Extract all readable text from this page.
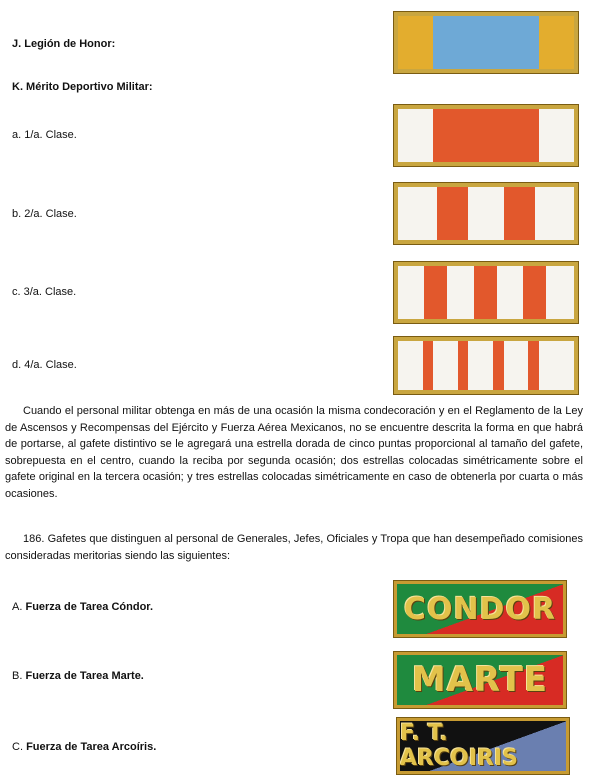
J. Legión de Honor:
K. Mérito Deportivo Militar:
a. 1/a. Clase.
b. 2/a. Clase.
c. 3/a. Clase.
d. 4/a. Clase.

Cuando el personal militar obtenga en más de una ocasión la misma condecoración y en el Reglamento de la Ley de Ascensos y Recompensas del Ejército y Fuerza Aérea Mexicanos, no se encuentre descrita la forma en que habrá de portarse, al gafete distintivo se le agregará una estrella dorada de cinco puntas proporcional al tamaño del gafete, sobrepuesta en el centro, cuando la reciba por segunda ocasión; dos estrellas colocadas simétricamente sobre el gafete original en la tercera ocasión; y tres estrellas colocadas simétricamente en caso de obtenerla por cuarta o más ocasiones.

186. Gafetes que distinguen al personal de Generales, Jefes, Oficiales y Tropa que han desempeñado comisiones consideradas meritorias siendo las siguientes:

A. Fuerza de Tarea Cóndor.	CONDOR
B. Fuerza de Tarea Marte.	MARTE
C. Fuerza de Tarea Arcoíris.
F. T. ARCOIRIS
